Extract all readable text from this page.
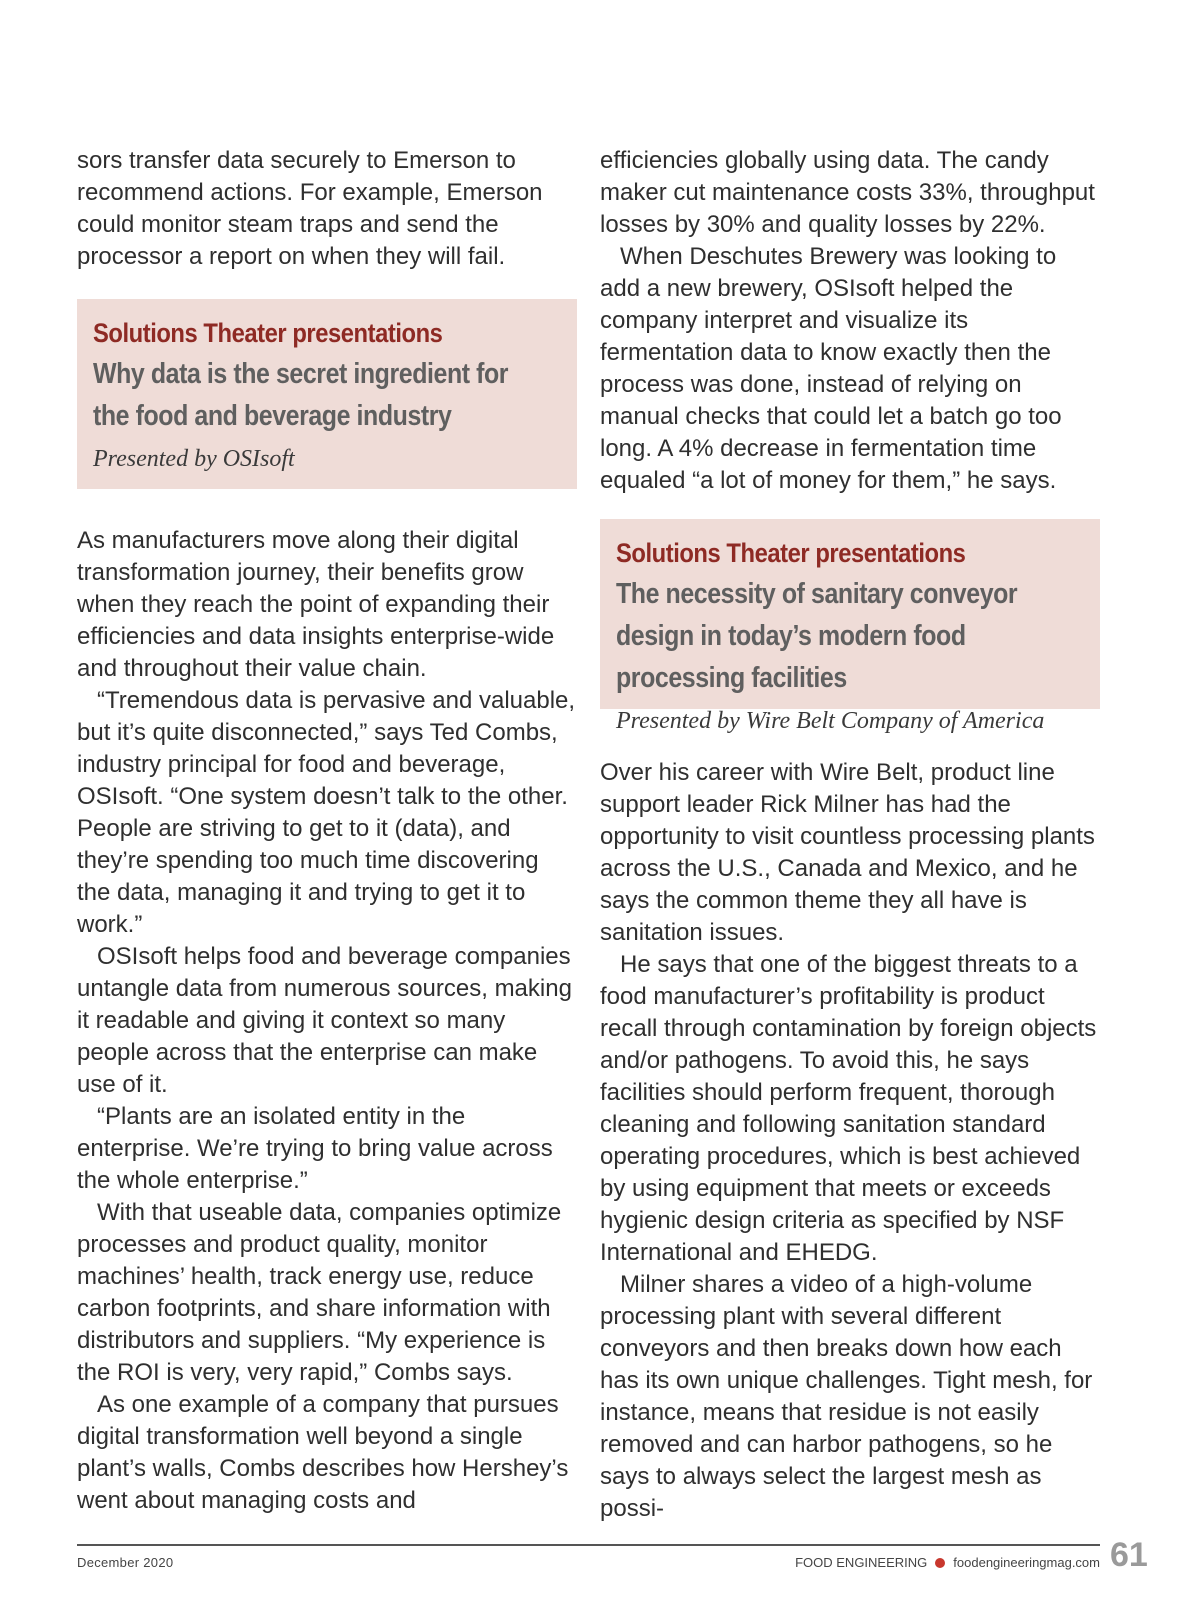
sors transfer data securely to Emerson to recommend actions. For example, Emerson could monitor steam traps and send the processor a report on when they will fail.

Solutions Theater presentations
Why data is the secret ingredient for the food and beverage industry
Presented by OSIsoft

As manufacturers move along their digital transformation journey, their benefits grow when they reach the point of expanding their efficiencies and data insights enterprise-wide and throughout their value chain.

“Tremendous data is pervasive and valuable, but it’s quite disconnected,” says Ted Combs, industry principal for food and beverage, OSIsoft. “One system doesn’t talk to the other. People are striving to get to it (data), and they’re spending too much time discovering the data, managing it and trying to get it to work.”

OSIsoft helps food and beverage companies untangle data from numerous sources, making it readable and giving it context so many people across that the enterprise can make use of it.

“Plants are an isolated entity in the enterprise. We’re trying to bring value across the whole enterprise.”

With that useable data, companies optimize processes and product quality, monitor machines’ health, track energy use, reduce carbon footprints, and share information with distributors and suppliers. “My experience is the ROI is very, very rapid,” Combs says.

As one example of a company that pursues digital transformation well beyond a single plant’s walls, Combs describes how Hershey’s went about managing costs and

efficiencies globally using data. The candy maker cut maintenance costs 33%, throughput losses by 30% and quality losses by 22%.

When Deschutes Brewery was looking to add a new brewery, OSIsoft helped the company interpret and visualize its fermentation data to know exactly then the process was done, instead of relying on manual checks that could let a batch go too long. A 4% decrease in fermentation time equaled “a lot of money for them,” he says.

Solutions Theater presentations
The necessity of sanitary conveyor design in today’s modern food processing facilities
Presented by Wire Belt Company of America

Over his career with Wire Belt, product line support leader Rick Milner has had the opportunity to visit countless processing plants across the U.S., Canada and Mexico, and he says the common theme they all have is sanitation issues.

He says that one of the biggest threats to a food manufacturer’s profitability is product recall through contamination by foreign objects and/or pathogens. To avoid this, he says facilities should perform frequent, thorough cleaning and following sanitation standard operating procedures, which is best achieved by using equipment that meets or exceeds hygienic design criteria as specified by NSF International and EHEDG.

Milner shares a video of a high-volume processing plant with several different conveyors and then breaks down how each has its own unique challenges. Tight mesh, for instance, means that residue is not easily removed and can harbor pathogens, so he says to always select the largest mesh as possi-

December 2020	FOOD ENGINEERING foodengineeringmag.com 61
